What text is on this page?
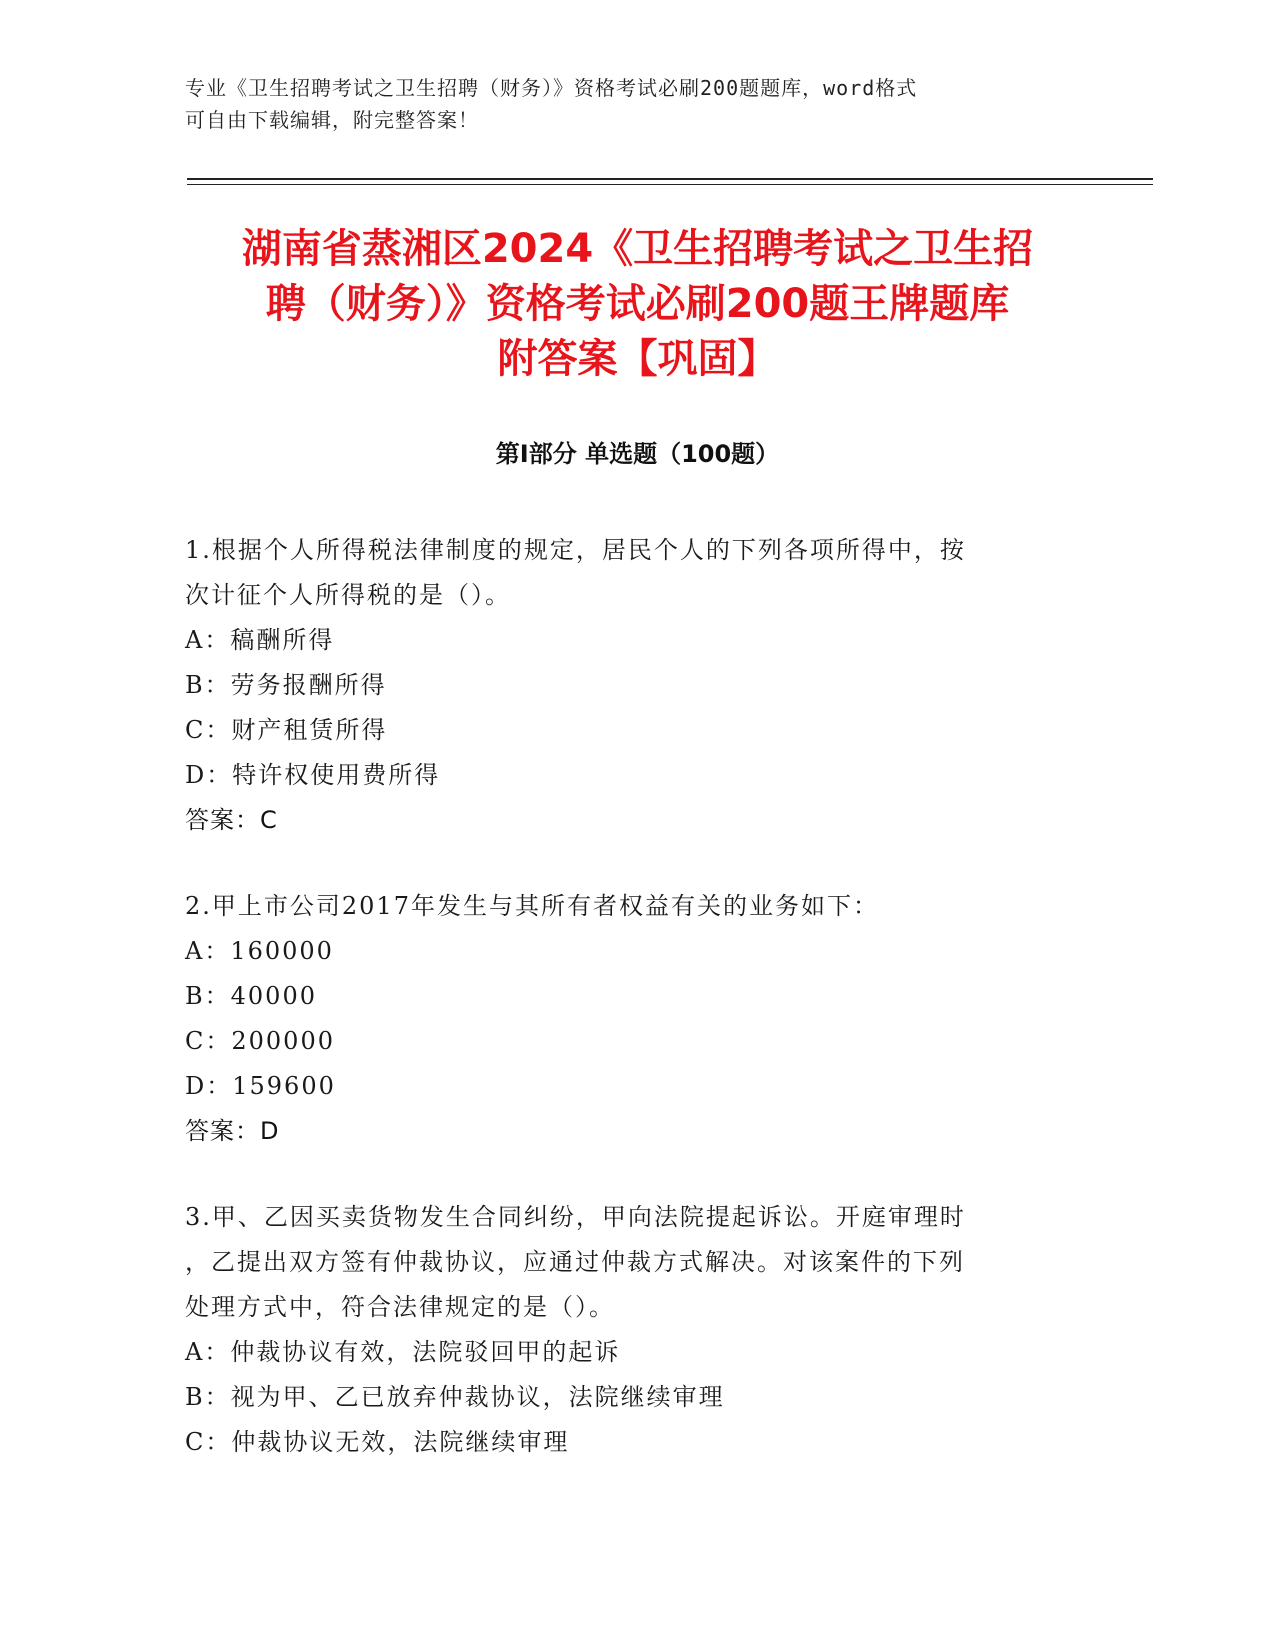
专业《卫生招聘考试之卫生招聘（财务）》资格考试必刷200题题库，word格式
可自由下载编辑，附完整答案！
湖南省蒸湘区2024《卫生招聘考试之卫生招
聘（财务）》资格考试必刷200题王牌题库
附答案【巩固】
第Ⅰ部分 单选题（100题）

1.根据个人所得税法律制度的规定，居民个人的下列各项所得中，按

次计征个人所得税的是（）。

A：稿酬所得

B：劳务报酬所得

C：财产租赁所得

D：特许权使用费所得

答案：C

2.甲上市公司2017年发生与其所有者权益有关的业务如下：

A：160000

B：40000

C：200000

D：159600

答案：D

3.甲、乙因买卖货物发生合同纠纷，甲向法院提起诉讼。开庭审理时

，乙提出双方签有仲裁协议，应通过仲裁方式解决。对该案件的下列

处理方式中，符合法律规定的是（）。

A：仲裁协议有效，法院驳回甲的起诉

B：视为甲、乙已放弃仲裁协议，法院继续审理

C：仲裁协议无效，法院继续审理
